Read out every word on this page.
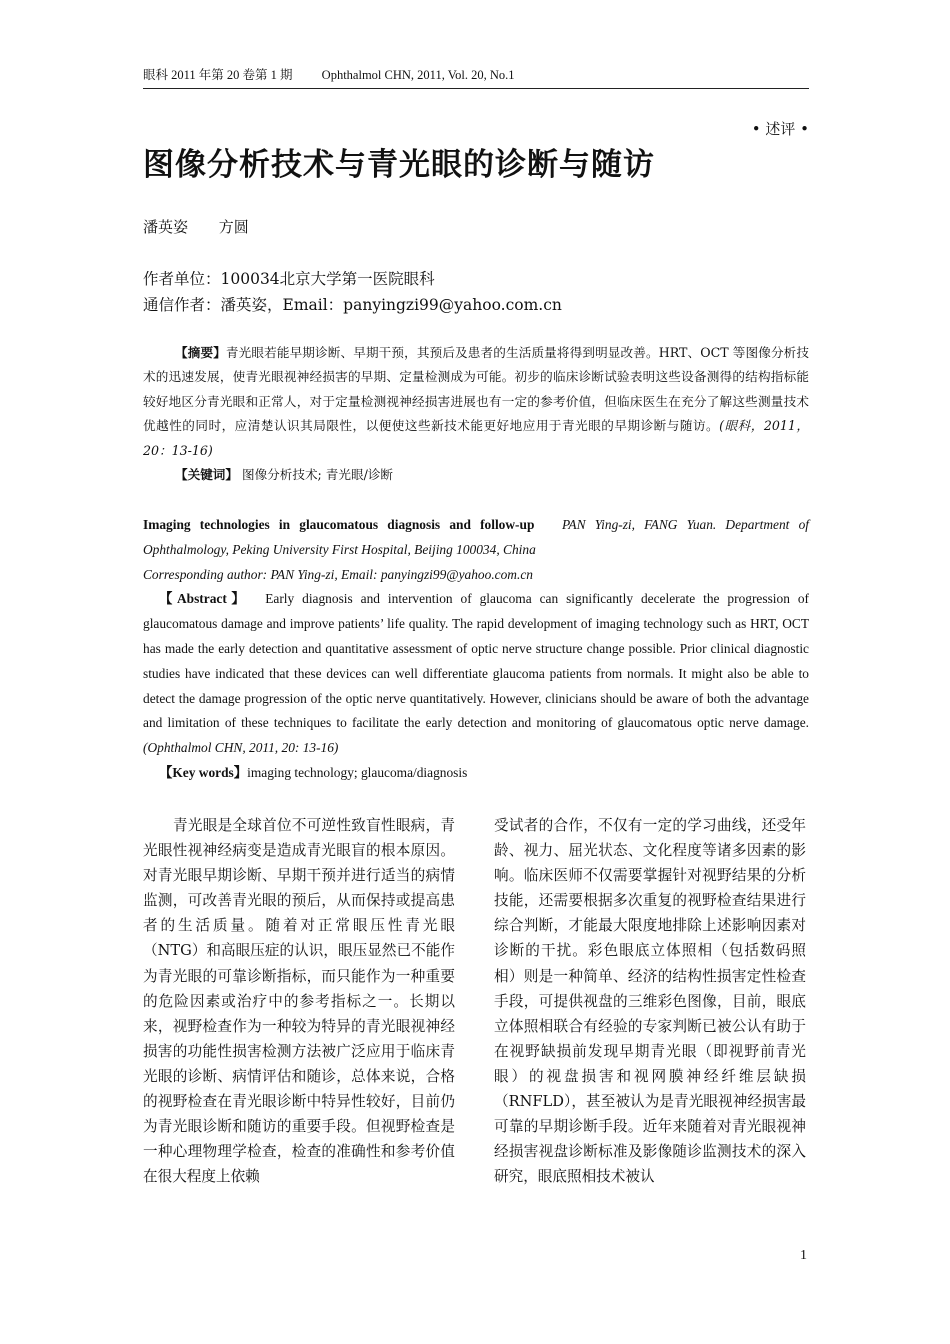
眼科 2011 年第 20 卷第 1 期 Ophthalmol CHN, 2011, Vol. 20, No.1
• 述评 •
图像分析技术与青光眼的诊断与随访
潘英姿 方圆
作者单位：100034北京大学第一医院眼科
通信作者：潘英姿，Email：panyingzi99@yahoo.com.cn

【摘要】青光眼若能早期诊断、早期干预，其预后及患者的生活质量将得到明显改善。HRT、OCT 等图像分析技术的迅速发展，使青光眼视神经损害的早期、定量检测成为可能。初步的临床诊断试验表明这些设备测得的结构指标能较好地区分青光眼和正常人，对于定量检测视神经损害进展也有一定的参考价值，但临床医生在充分了解这些测量技术优越性的同时，应清楚认识其局限性，以便使这些新技术能更好地应用于青光眼的早期诊断与随访。(眼科，2011，20：13-16)

【关键词】 图像分析技术; 青光眼/诊断

Imaging technologies in glaucomatous diagnosis and follow-up PAN Ying-zi, FANG Yuan. Department of Ophthalmology, Peking University First Hospital, Beijing 100034, China

Corresponding author: PAN Ying-zi, Email: panyingzi99@yahoo.com.cn

【Abstract】 Early diagnosis and intervention of glaucoma can significantly decelerate the progression of glaucomatous damage and improve patients’ life quality. The rapid development of imaging technology such as HRT, OCT has made the early detection and quantitative assessment of optic nerve structure change possible. Prior clinical diagnostic studies have indicated that these devices can well differentiate glaucoma patients from normals. It might also be able to detect the damage progression of the optic nerve quantitatively. However, clinicians should be aware of both the advantage and limitation of these techniques to facilitate the early detection and monitoring of glaucomatous optic nerve damage. (Ophthalmol CHN, 2011, 20: 13-16)

【Key words】imaging technology; glaucoma/diagnosis

青光眼是全球首位不可逆性致盲性眼病，青光眼性视神经病变是造成青光眼盲的根本原因。对青光眼早期诊断、早期干预并进行适当的病情监测，可改善青光眼的预后，从而保持或提高患者的生活质量。随着对正常眼压性青光眼（NTG）和高眼压症的认识，眼压显然已不能作为青光眼的可靠诊断指标，而只能作为一种重要的危险因素或治疗中的参考指标之一。长期以来，视野检查作为一种较为特异的青光眼视神经损害的功能性损害检测方法被广泛应用于临床青光眼的诊断、病情评估和随诊，总体来说，合格的视野检查在青光眼诊断中特异性较好，目前仍为青光眼诊断和随访的重要手段。但视野检查是一种心理物理学检查，检查的准确性和参考价值在很大程度上依赖

受试者的合作，不仅有一定的学习曲线，还受年龄、视力、屈光状态、文化程度等诸多因素的影响。临床医师不仅需要掌握针对视野结果的分析技能，还需要根据多次重复的视野检查结果进行综合判断，才能最大限度地排除上述影响因素对诊断的干扰。彩色眼底立体照相（包括数码照相）则是一种简单、经济的结构性损害定性检查手段，可提供视盘的三维彩色图像，目前，眼底立体照相联合有经验的专家判断已被公认有助于在视野缺损前发现早期青光眼（即视野前青光眼）的视盘损害和视网膜神经纤维层缺损（RNFLD），甚至被认为是青光眼视神经损害最可靠的早期诊断手段。近年来随着对青光眼视神经损害视盘诊断标准及影像随诊监测技术的深入研究，眼底照相技术被认

1
